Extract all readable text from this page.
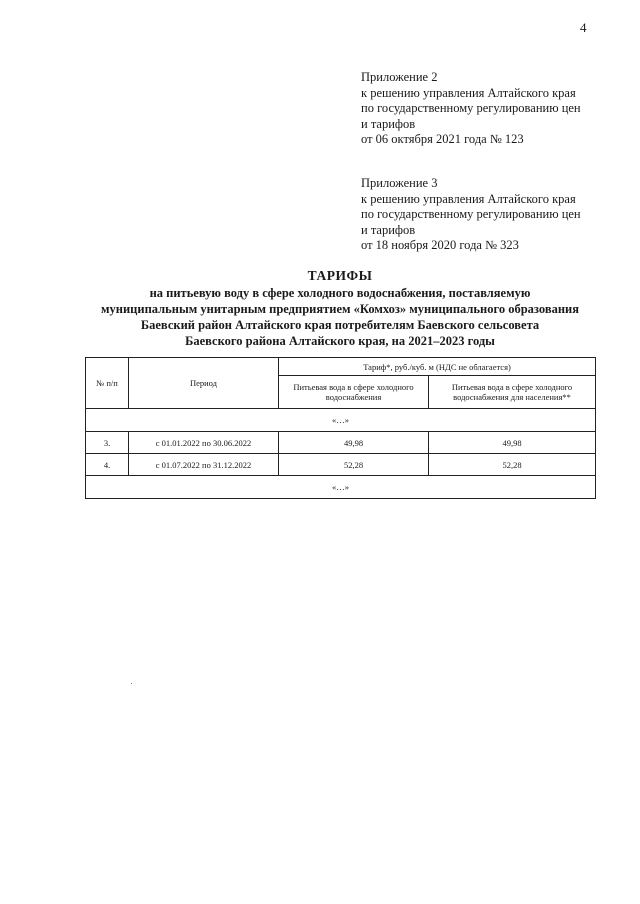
4
Приложение 2
к решению управления Алтайского края
по государственному регулированию цен
и тарифов
от 06 октября 2021 года № 123
Приложение 3
к решению управления Алтайского края
по государственному регулированию цен
и тарифов
от 18 ноября 2020 года № 323
ТАРИФЫ
на питьевую воду в сфере холодного водоснабжения, поставляемую
муниципальным унитарным предприятием «Комхоз» муниципального образования
Баевский район Алтайского края потребителям Баевского сельсовета
Баевского района Алтайского края, на 2021–2023 годы
№ п/п	Период	Тариф*, руб./куб. м (НДС не облагается)	
		Питьевая вода в сфере холодного водоснабжения	Питьевая вода в сфере холодного водоснабжения для населения**
«…»			
3.	с 01.01.2022 по 30.06.2022	49,98	49,98
4.	с 01.07.2022 по 31.12.2022	52,28	52,28
«…»			
